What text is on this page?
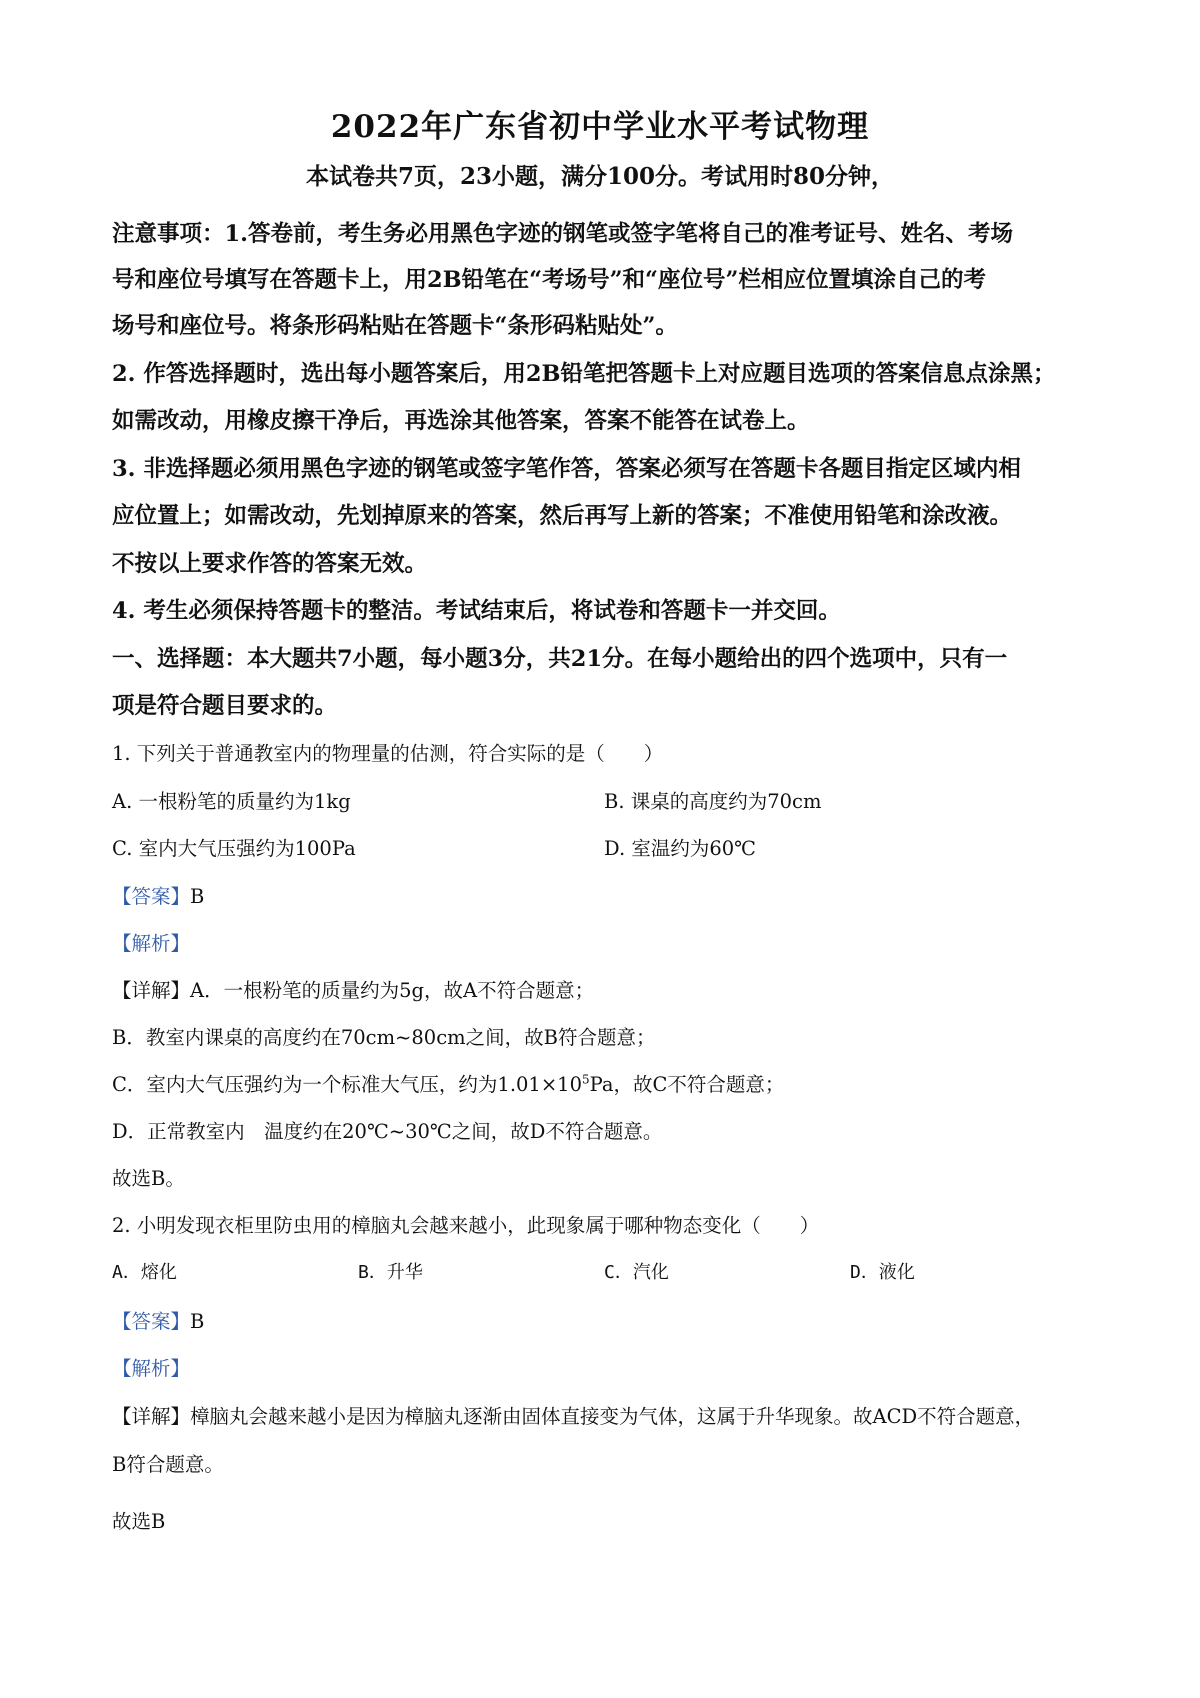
2022年广东省初中学业水平考试物理
本试卷共7页，23小题，满分100分。考试用时80分钟，
注意事项：1.答卷前，考生务必用黑色字迹的钢笔或签字笔将自己的准考证号、姓名、考场
号和座位号填写在答题卡上，用2B铅笔在“考场号”和“座位号”栏相应位置填涂自己的考
场号和座位号。将条形码粘贴在答题卡“条形码粘贴处”。
2. 作答选择题时，选出每小题答案后，用2B铅笔把答题卡上对应题目选项的答案信息点涂黑；
如需改动，用橡皮擦干净后，再选涂其他答案，答案不能答在试卷上。
3. 非选择题必须用黑色字迹的钢笔或签字笔作答，答案必须写在答题卡各题目指定区域内相
应位置上；如需改动，先划掉原来的答案，然后再写上新的答案；不准使用铅笔和涂改液。
不按以上要求作答的答案无效。
4. 考生必须保持答题卡的整洁。考试结束后，将试卷和答题卡一并交回。
一、选择题：本大题共7小题，每小题3分，共21分。在每小题给出的四个选项中，只有一
项是符合题目要求的。
1. 下列关于普通教室内的物理量的估测，符合实际的是（　　）
A. 一根粉笔的质量约为1kg	B. 课桌的高度约为70cm
C. 室内大气压强约为100Pa	D. 室温约为60℃
【答案】B
【解析】
【详解】A．一根粉笔的质量约为5g，故A不符合题意；
B．教室内课桌的高度约在70cm~80cm之间，故B符合题意；
C．室内大气压强约为一个标准大气压，约为$1.01\times 10^5Pa$，故C不符合题意；
D．正常教室内　温度约在20℃~30℃之间，故D不符合题意。
故选B。
2. 小明发现衣柜里防虫用的樟脑丸会越来越小，此现象属于哪种物态变化（　　）
A．熔化	B．升华	C．汽化	D．液化
【答案】B
【解析】
【详解】樟脑丸会越来越小是因为樟脑丸逐渐由固体直接变为气体，这属于升华现象。故ACD不符合题意，
B符合题意。
故选B
